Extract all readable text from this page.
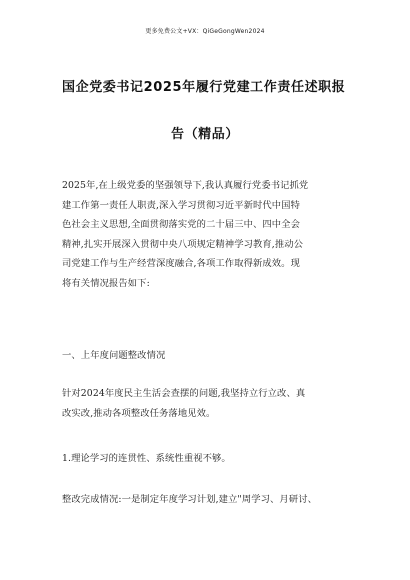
更多免费公文+VX：QiGeGongWen2024
国企党委书记2025年履行党建工作责任述职报
告（精品）
2025年,在上级党委的坚强领导下,我认真履行党委书记抓党
建工作第一责任人职责,深入学习贯彻习近平新时代中国特
色社会主义思想,全面贯彻落实党的二十届三中、四中全会
精神,扎实开展深入贯彻中央八项规定精神学习教育,推动公
司党建工作与生产经营深度融合,各项工作取得新成效。现
将有关情况报告如下:
一、上年度问题整改情况
针对2024年度民主生活会查摆的问题,我坚持立行立改、真
改实改,推动各项整改任务落地见效。
1.理论学习的连贯性、系统性重视不够。
整改完成情况:一是制定年度学习计划,建立"周学习、月研讨、
